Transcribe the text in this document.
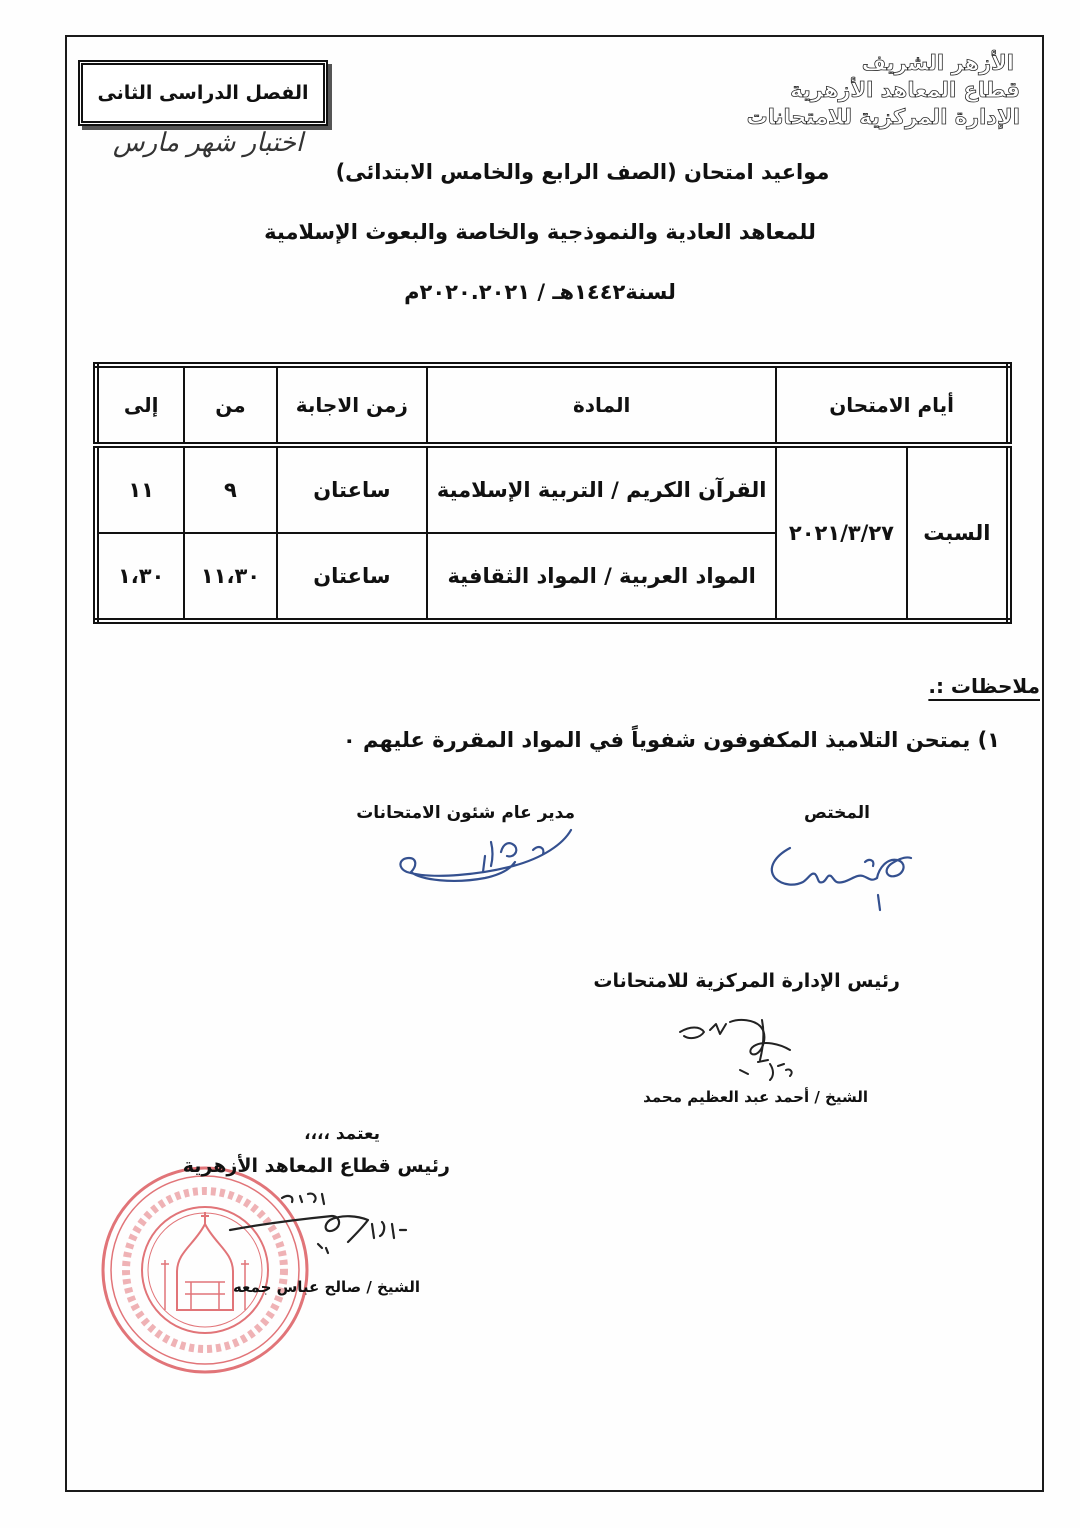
الأزهر الشريف
قطاع المعاهد الأزهرية
الإدارة المركزية للامتحانات
الفصل الدراسى الثانى
اختبار شهر مارس
مواعيد امتحان (الصف الرابع والخامس الابتدائى)
للمعاهد العادية والنموذجية والخاصة والبعوث الإسلامية
لسنة١٤٤٢هـ / ٢٠٢٠.٢٠٢١م
أيام الامتحان		المادة	زمن الاجابة	من	إلى
السبت	٢٠٢١/٣/٢٧	القرآن الكريم / التربية الإسلامية	ساعتان	٩	١١
		المواد العربية / المواد الثقافية	ساعتان	١١،٣٠	١،٣٠
ملاحظات :.
١) يمتحن التلاميذ المكفوفون شفوياً في المواد المقررة عليهم ٠
المختص
مدير عام شئون الامتحانات
رئيس الإدارة المركزية للامتحانات
الشيخ / أحمد عبد العظيم محمد
يعتمد ،،،،
رئيس قطاع المعاهد الأزهرية
الشيخ / صالح عباس جمعه
